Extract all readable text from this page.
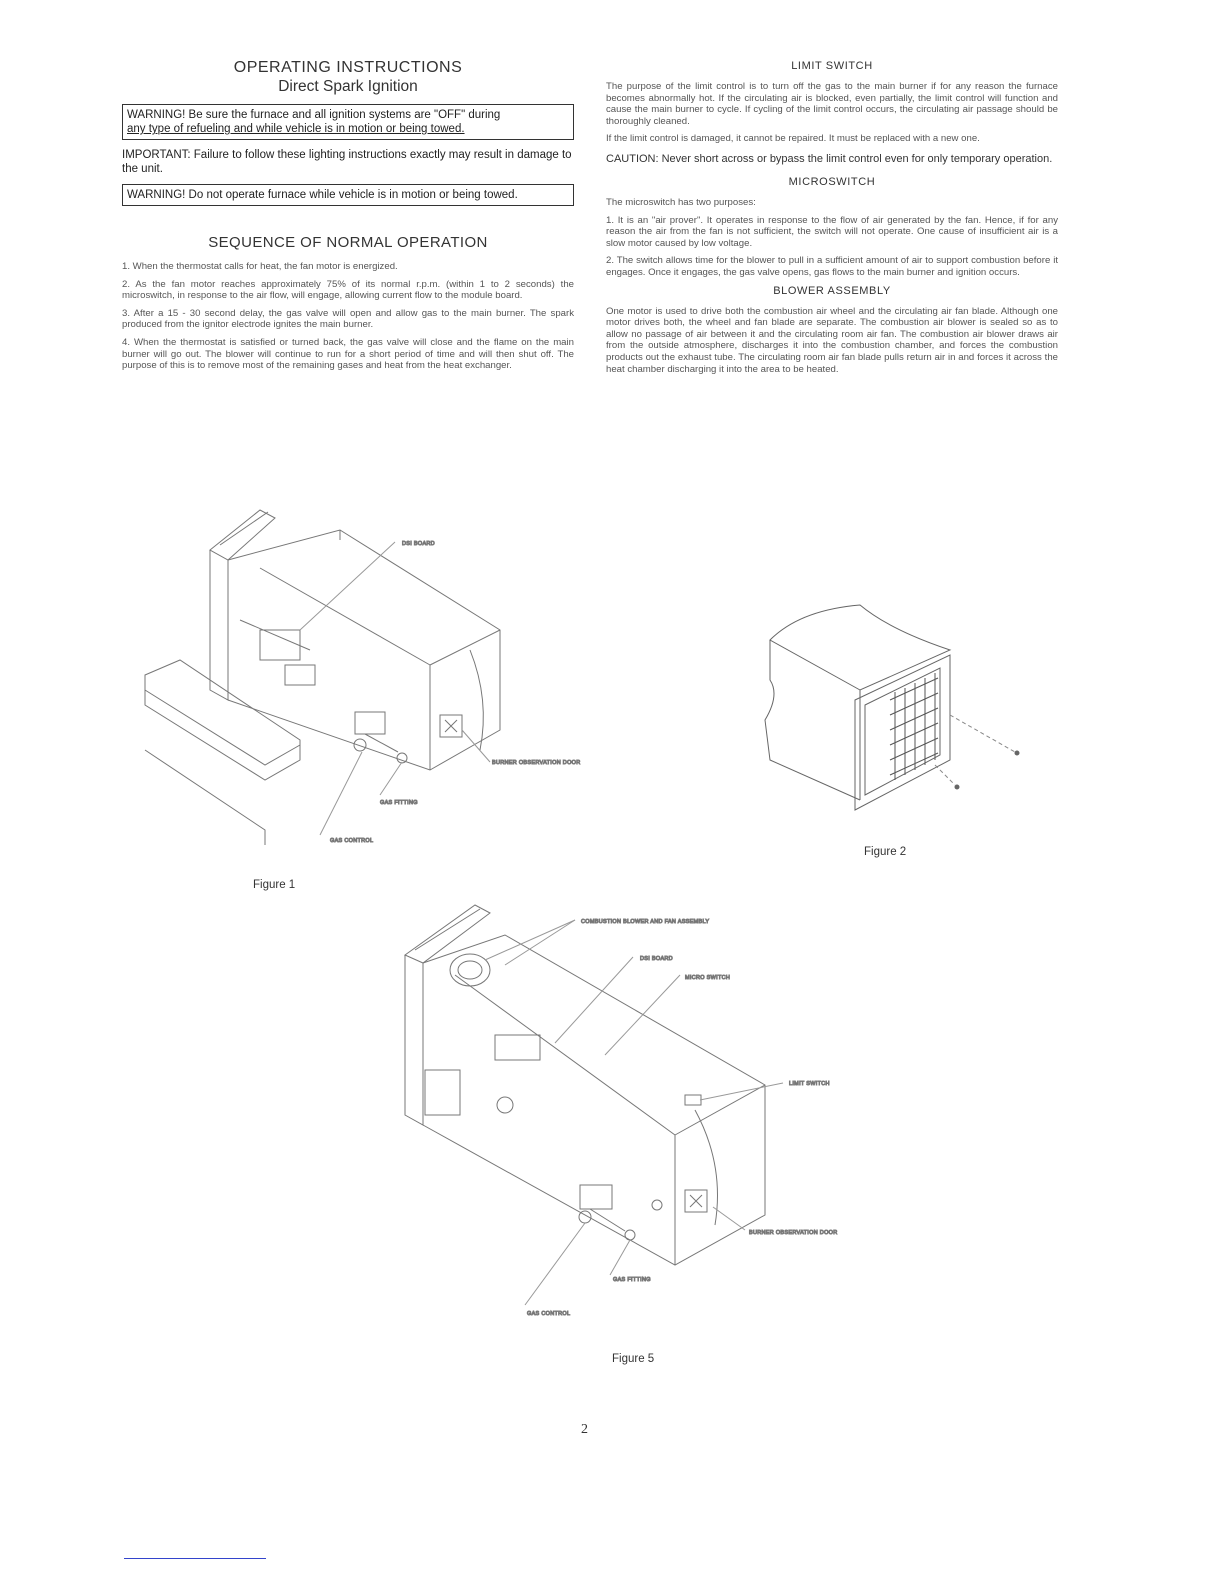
OPERATING INSTRUCTIONS
Direct Spark Ignition
WARNING! Be sure the furnace and all ignition systems are "OFF" during
any type of refueling and while vehicle is in motion or being towed.
IMPORTANT: Failure to follow these lighting instructions exactly may result in damage to the unit.
WARNING! Do not operate furnace while vehicle is in motion or being towed.
SEQUENCE OF NORMAL OPERATION

1. When the thermostat calls for heat, the fan motor is energized.

2. As the fan motor reaches approximately 75% of its normal r.p.m. (within 1 to 2 seconds) the microswitch, in response to the air flow, will engage, allowing current flow to the module board.

3. After a 15 - 30 second delay, the gas valve will open and allow gas to the main burner. The spark produced from the ignitor electrode ignites the main burner.

4. When the thermostat is satisfied or turned back, the gas valve will close and the flame on the main burner will go out. The blower will continue to run for a short period of time and will then shut off. The purpose of this is to remove most of the remaining gases and heat from the heat exchanger.

LIMIT SWITCH

The purpose of the limit control is to turn off the gas to the main burner if for any reason the furnace becomes abnormally hot. If the circulating air is blocked, even partially, the limit control will function and cause the main burner to cycle. If cycling of the limit control occurs, the circulating air passage should be thoroughly cleaned.

If the limit control is damaged, it cannot be repaired. It must be replaced with a new one.

CAUTION: Never short across or bypass the limit control even for only temporary operation.
MICROSWITCH

The microswitch has two purposes:

1. It is an "air prover". It operates in response to the flow of air generated by the fan. Hence, if for any reason the air from the fan is not sufficient, the switch will not operate. One cause of insufficient air is a slow motor caused by low voltage.

2. The switch allows time for the blower to pull in a sufficient amount of air to support combustion before it engages. Once it engages, the gas valve opens, gas flows to the main burner and ignition occurs.

BLOWER ASSEMBLY

One motor is used to drive both the combustion air wheel and the circulating air fan blade. Although one motor drives both, the wheel and fan blade are separate. The combustion air blower is sealed so as to allow no passage of air between it and the circulating room air fan. The combustion air blower draws air from the outside atmosphere, discharges it into the combustion chamber, and forces the combustion products out the exhaust tube. The circulating room air fan blade pulls return air in and forces it across the heat chamber discharging it into the area to be heated.

DSI BOARD
BURNER OBSERVATION DOOR
GAS FITTING
GAS CONTROL
Figure 1
Figure 2
COMBUSTION BLOWER AND FAN ASSEMBLY
DSI BOARD
MICRO SWITCH
LIMIT SWITCH
BURNER OBSERVATION DOOR
GAS FITTING
GAS CONTROL
Figure 5
2
